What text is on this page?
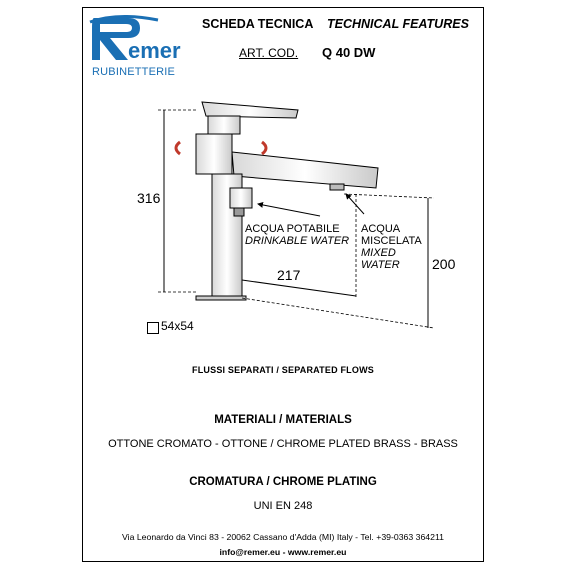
emer
RUBINETTERIE
SCHEDA TECNICA TECHNICAL FEATURES
ART. COD. Q 40 DW
316
217
200
ACQUA POTABILE
DRINKABLE WATER
ACQUA
MISCELATA
MIXED
WATER
54x54
FLUSSI SEPARATI / SEPARATED FLOWS
MATERIALI / MATERIALS
OTTONE CROMATO - OTTONE / CHROME PLATED BRASS - BRASS
CROMATURA / CHROME PLATING
UNI EN 248
Via Leonardo da Vinci 83 - 20062 Cassano d'Adda (MI) Italy - Tel. +39-0363 364211
info@remer.eu - www.remer.eu
